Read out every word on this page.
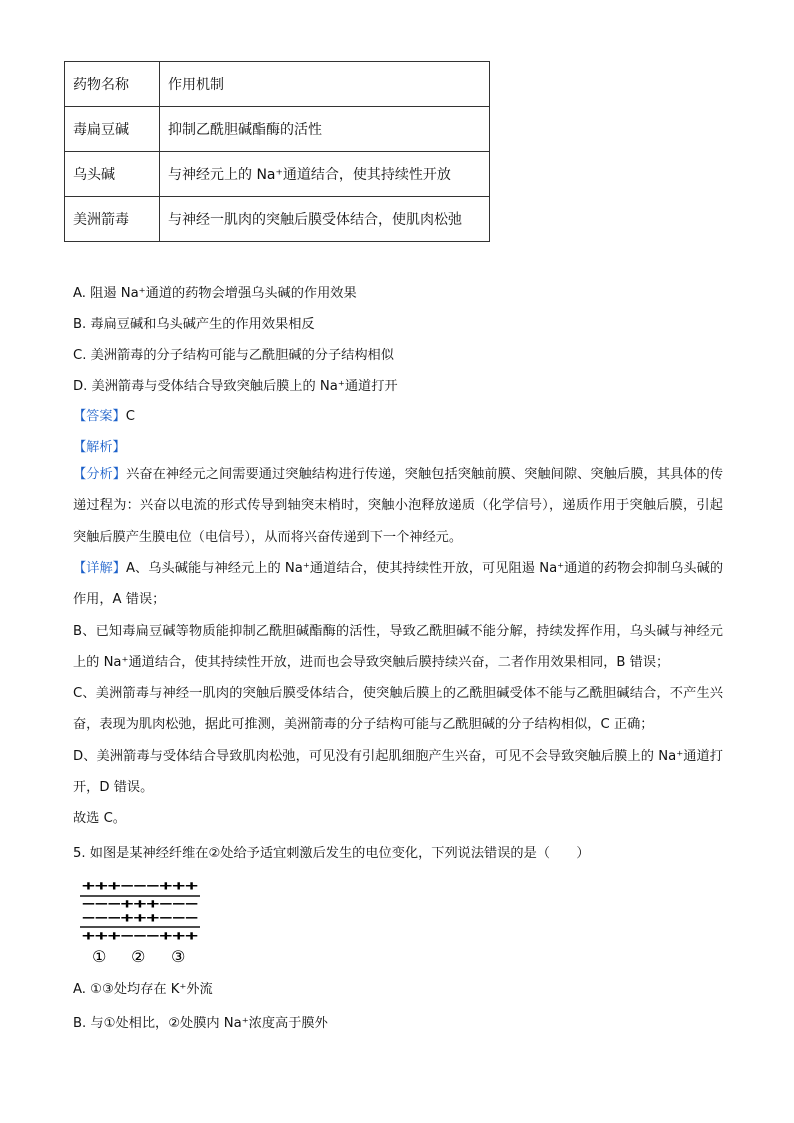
药物名称	作用机制
毒扁豆碱	抑制乙酰胆碱酯酶的活性
乌头碱	与神经元上的 Na⁺通道结合，使其持续性开放
美洲箭毒	与神经一肌肉的突触后膜受体结合，使肌肉松弛
A. 阻遏 Na⁺通道的药物会增强乌头碱的作用效果
B. 毒扁豆碱和乌头碱产生的作用效果相反
C. 美洲箭毒的分子结构可能与乙酰胆碱的分子结构相似
D. 美洲箭毒与受体结合导致突触后膜上的 Na⁺通道打开
【答案】C
【解析】

【分析】兴奋在神经元之间需要通过突触结构进行传递，突触包括突触前膜、突触间隙、突触后膜，其具体的传递过程为：兴奋以电流的形式传导到轴突末梢时，突触小泡释放递质（化学信号），递质作用于突触后膜，引起突触后膜产生膜电位（电信号），从而将兴奋传递到下一个神经元。

【详解】A、乌头碱能与神经元上的 Na⁺通道结合，使其持续性开放，可见阻遏 Na⁺通道的药物会抑制乌头碱的作用，A 错误；

B、已知毒扁豆碱等物质能抑制乙酰胆碱酯酶的活性，导致乙酰胆碱不能分解，持续发挥作用，乌头碱与神经元上的 Na⁺通道结合，使其持续性开放，进而也会导致突触后膜持续兴奋，二者作用效果相同，B 错误；

C、美洲箭毒与神经一肌肉的突触后膜受体结合，使突触后膜上的乙酰胆碱受体不能与乙酰胆碱结合，不产生兴奋，表现为肌肉松弛，据此可推测，美洲箭毒的分子结构可能与乙酰胆碱的分子结构相似，C 正确；

D、美洲箭毒与受体结合导致肌肉松弛，可见没有引起肌细胞产生兴奋，可见不会导致突触后膜上的 Na⁺通道打开，D 错误。

故选 C。

5. 如图是某神经纤维在②处给予适宜刺激后发生的电位变化，下列说法错误的是（　　）
+++−−−+++
−−−+++−−−
−−−+++−−−
+++−−−+++
① ② ③
A. ①③处均存在 K⁺外流
B. 与①处相比，②处膜内 Na⁺浓度高于膜外
